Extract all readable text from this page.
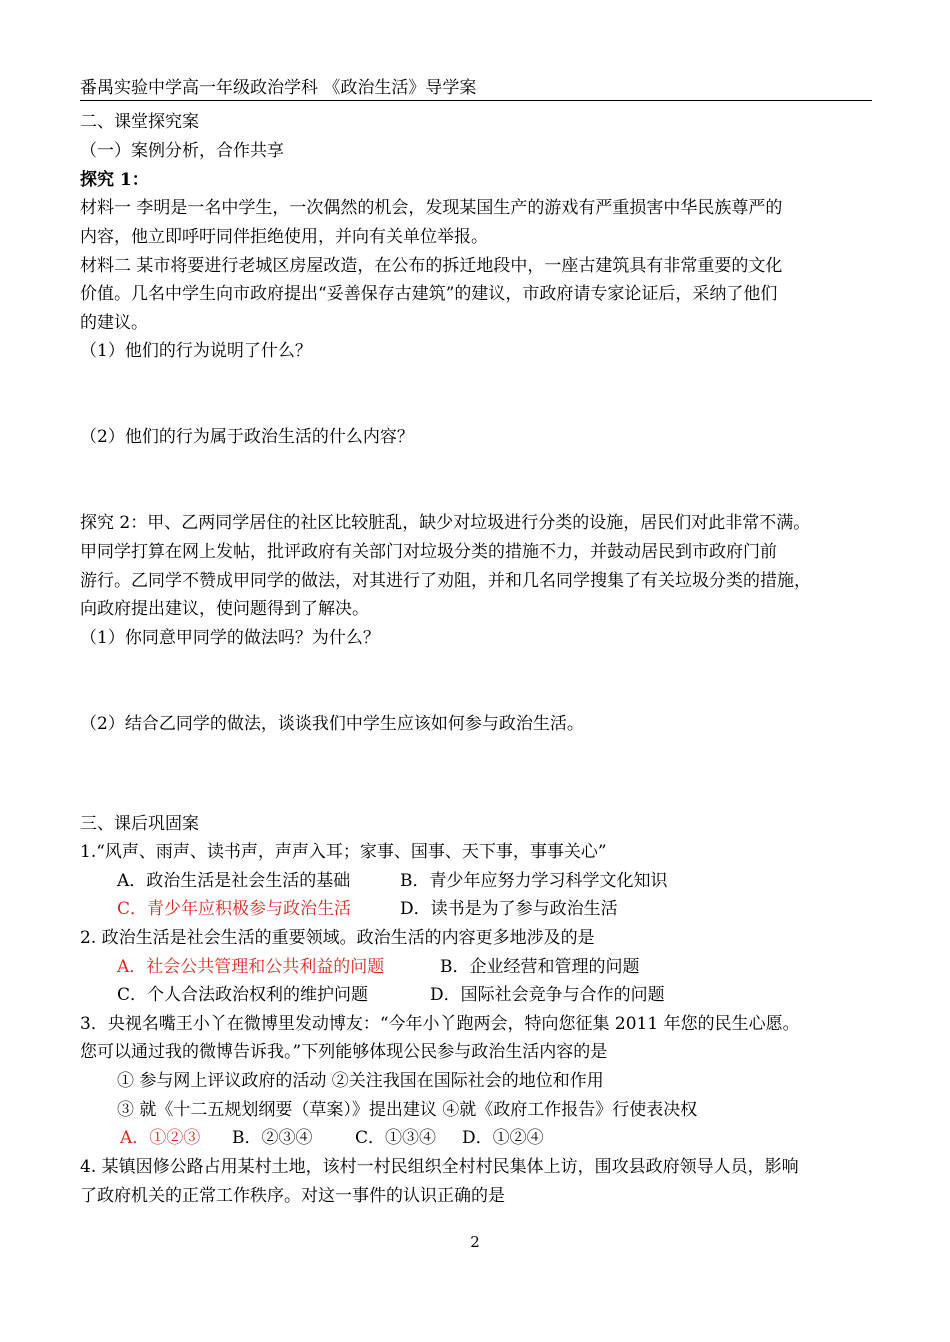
番禺实验中学高一年级政治学科 《政治生活》导学案
二、课堂探究案
（一）案例分析，合作共享
探究 1：
材料一 李明是一名中学生，一次偶然的机会，发现某国生产的游戏有严重损害中华民族尊严的
内容，他立即呼吁同伴拒绝使用，并向有关单位举报。
材料二 某市将要进行老城区房屋改造，在公布的拆迁地段中，一座古建筑具有非常重要的文化
价值。几名中学生向市政府提出“妥善保存古建筑”的建议，市政府请专家论证后，采纳了他们
的建议。
（1）他们的行为说明了什么？
（2）他们的行为属于政治生活的什么内容？
探究 2：甲、乙两同学居住的社区比较脏乱，缺少对垃圾进行分类的设施，居民们对此非常不满。
甲同学打算在网上发帖，批评政府有关部门对垃圾分类的措施不力，并鼓动居民到市政府门前
游行。乙同学不赞成甲同学的做法，对其进行了劝阻，并和几名同学搜集了有关垃圾分类的措施，
向政府提出建议，使问题得到了解决。
（1）你同意甲同学的做法吗？为什么？
（2）结合乙同学的做法，谈谈我们中学生应该如何参与政治生活。
三、课后巩固案
1.“风声、雨声、读书声，声声入耳；家事、国事、天下事，事事关心”
A．政治生活是社会生活的基础	B．青少年应努力学习科学文化知识
C．青少年应积极参与政治生活	D．读书是为了参与政治生活
2. 政治生活是社会生活的重要领域。政治生活的内容更多地涉及的是
A．社会公共管理和公共利益的问题	B．企业经营和管理的问题
C．个人合法政治权利的维护问题	D．国际社会竞争与合作的问题
3．央视名嘴王小丫在微博里发动博友：“今年小丫跑两会，特向您征集 2011 年您的民生心愿。
您可以通过我的微博告诉我。”下列能够体现公民参与政治生活内容的是
① 参与网上评议政府的活动 ②关注我国在国际社会的地位和作用
③ 就《十二五规划纲要（草案）》提出建议 ④就《政府工作报告》行使表决权
A．①②③ B．②③④	C．①③④ D．①②④
4. 某镇因修公路占用某村土地，该村一村民组织全村村民集体上访，围攻县政府领导人员，影响
了政府机关的正常工作秩序。对这一事件的认识正确的是
2
